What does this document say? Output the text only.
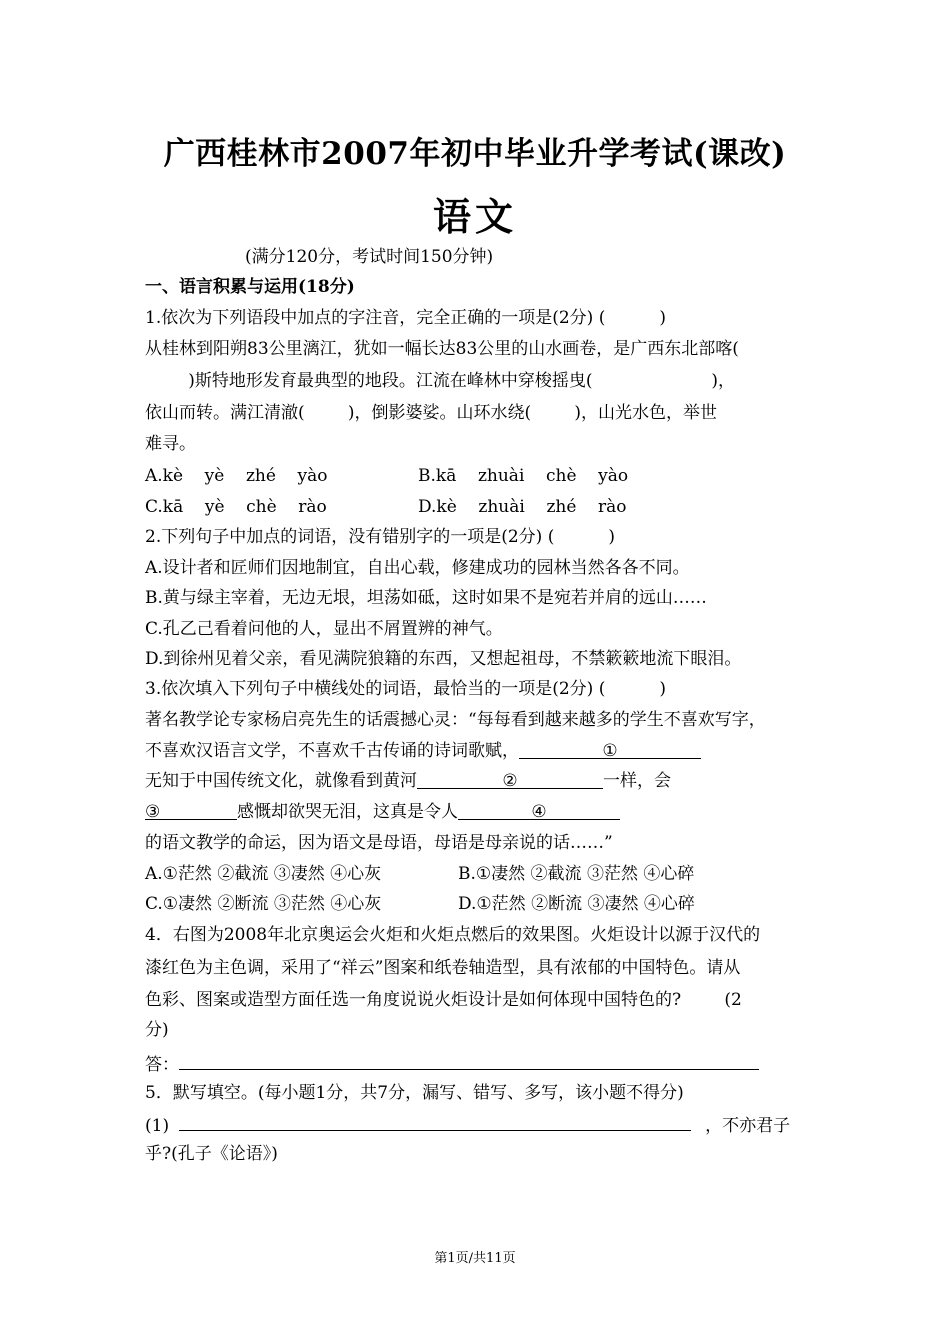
广西桂林市2007年初中毕业升学考试(课改)
语文
(满分120分，考试时间150分钟)
一、语言积累与运用(18分)
1.依次为下列语段中加点的字注音，完全正确的一项是(2分) (          )
从桂林到阳朔83公里漓江，犹如一幅长达83公里的山水画卷，是广西东北部喀(
)斯特地形发育最典型的地段。江流在峰林中穿梭摇曳(                      )，
依山而转。满江清澈(        )，倒影婆娑。山环水绕(        )，山光水色，举世
难寻。
A.kè    yè    zhé    yào	B.kā    zhuài    chè    yào
C.kā    yè    chè    rào	D.kè    zhuài    zhé    rào
2.下列句子中加点的词语，没有错别字的一项是(2分) (          )
A.设计者和匠师们因地制宜，自出心载，修建成功的园林当然各各不同。
B.黄与绿主宰着，无边无垠，坦荡如砥，这时如果不是宛若并肩的远山……
C.孔乙己看着问他的人，显出不屑置辨的神气。
D.到徐州见着父亲，看见满院狼籍的东西，又想起祖母，不禁簌簌地流下眼泪。
3.依次填入下列句子中横线处的词语，最恰当的一项是(2分) (          )
著名教学论专家杨启亮先生的话震撼心灵：“每每看到越来越多的学生不喜欢写字，
不喜欢汉语言文学，不喜欢千古传诵的诗词歌赋，	①
无知于中国传统文化，就像看到黄河	②	一样，会
③	感慨却欲哭无泪，这真是令人	④
的语文教学的命运，因为语文是母语，母语是母亲说的话……”
A.①茫然 ②截流 ③凄然 ④心灰	B.①凄然 ②截流 ③茫然 ④心碎
C.①凄然 ②断流 ③茫然 ④心灰	D.①茫然 ②断流 ③凄然 ④心碎
4．右图为2008年北京奥运会火炬和火炬点燃后的效果图。火炬设计以源于汉代的
漆红色为主色调，采用了“祥云”图案和纸卷轴造型，具有浓郁的中国特色。请从
色彩、图案或造型方面任选一角度说说火炬设计是如何体现中国特色的?        (2
分)
答：
5．默写填空。(每小题1分，共7分，漏写、错写、多写，该小题不得分)
(1)	，不亦君子
乎?(孔子《论语》)
第1页/共11页
